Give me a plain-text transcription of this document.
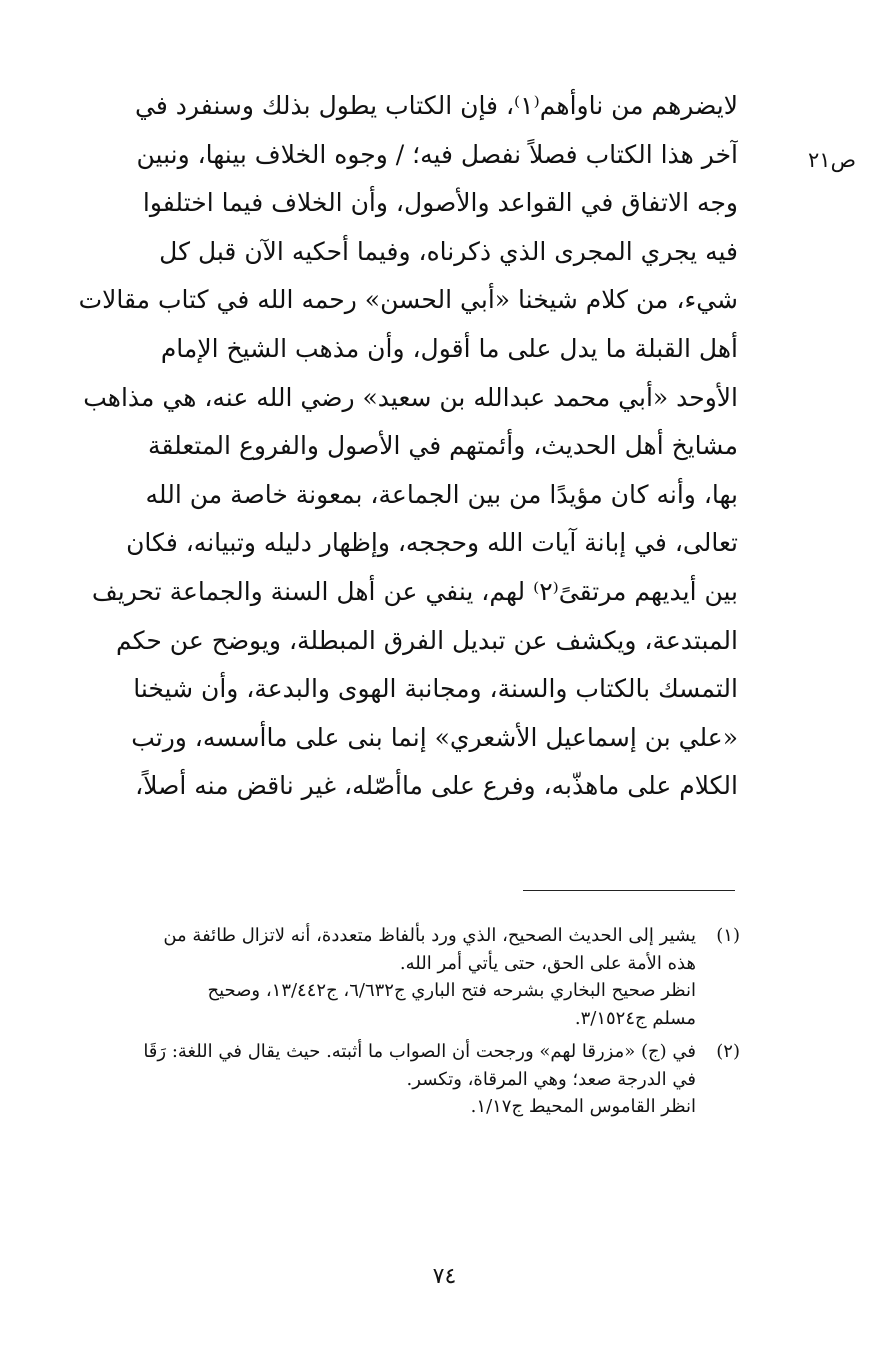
ص٢١
لايضرهم من ناوأهم⁽١⁾، فإن الكتاب يطول بذلك وسنفرد في
آخر هذا الكتاب فصلاً نفصل فيه؛ / وجوه الخلاف بينها، ونبين
وجه الاتفاق في القواعد والأصول، وأن الخلاف فيما اختلفوا
فيه يجري المجرى الذي ذكرناه، وفيما أحكيه الآن قبل كل
شيء، من كلام شيخنا «أبي الحسن» رحمه الله في كتاب مقالات
أهل القبلة ما يدل على ما أقول، وأن مذهب الشيخ الإمام
الأوحد «أبي محمد عبدالله بن سعيد» رضي الله عنه، هي مذاهب
مشايخ أهل الحديث، وأئمتهم في الأصول والفروع المتعلقة
بها، وأنه كان مؤيدًا من بين الجماعة، بمعونة خاصة من الله
تعالى، في إبانة آيات الله وحججه، وإظهار دليله وتبيانه، فكان
بين أيديهم مرتقىً⁽٢⁾ لهم، ينفي عن أهل السنة والجماعة تحريف
المبتدعة، ويكشف عن تبديل الفرق المبطلة، ويوضح عن حكم
التمسك بالكتاب والسنة، ومجانبة الهوى والبدعة، وأن شيخنا
«علي بن إسماعيل الأشعري» إنما بنى على ماأسسه، ورتب
الكلام على ماهذّبه، وفرع على ماأصّله، غير ناقض منه أصلاً،
(١)
يشير إلى الحديث الصحيح، الذي ورد بألفاظ متعددة، أنه لاتزال طائفة من
هذه الأمة على الحق، حتى يأتي أمر الله.
انظر صحيح البخاري بشرحه فتح الباري ج٦/٦٣٢، ج١٣/٤٤٢، وصحيح
مسلم ج٣/١٥٢٤.
(٢)
في (ج) «مزرقا لهم» ورجحت أن الصواب ما أثبته. حيث يقال في اللغة: رَقَا
في الدرجة صعد؛ وهي المرقاة، وتكسر.
انظر القاموس المحيط ج١/١٧.
٧٤
